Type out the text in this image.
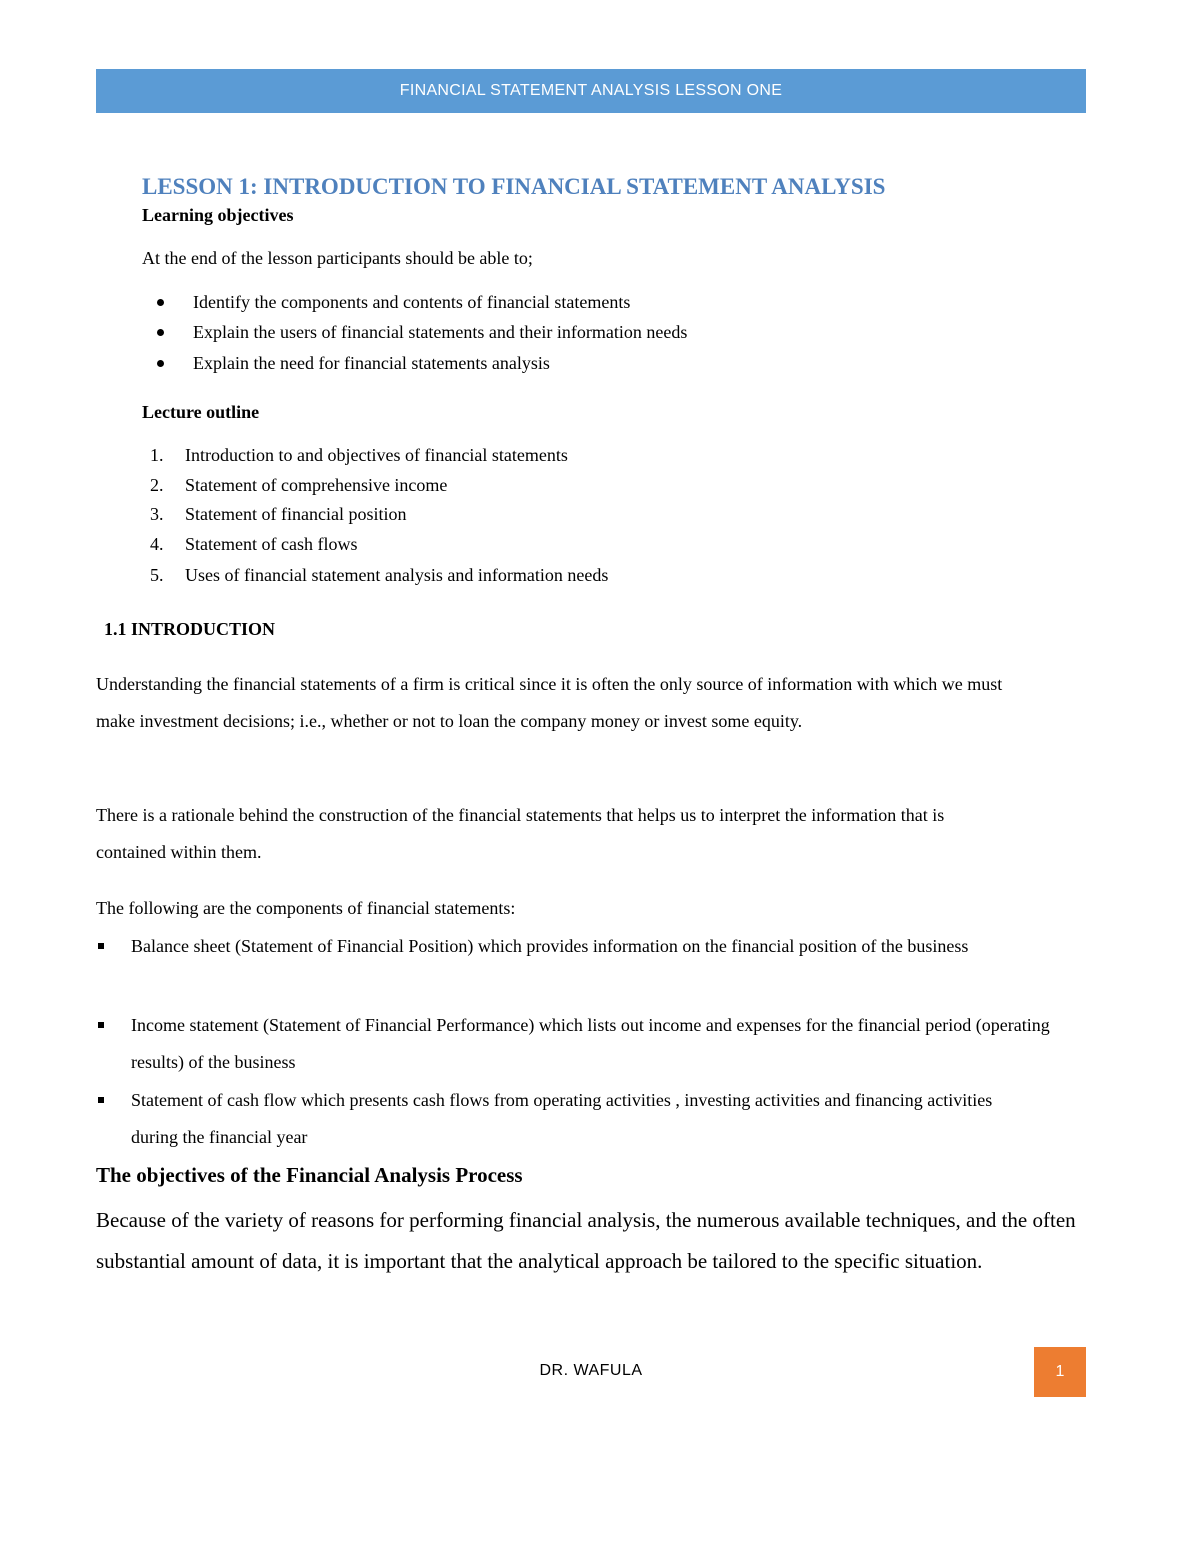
FINANCIAL STATEMENT ANALYSIS LESSON ONE
LESSON 1: INTRODUCTION TO FINANCIAL STATEMENT ANALYSIS
Learning objectives
At the end of the lesson participants should be able to;
Identify the components and contents of financial statements
Explain the users of financial statements and their information needs
Explain the need for financial statements analysis
Lecture outline
1. Introduction to and objectives of financial statements
2. Statement of comprehensive income
3. Statement of financial position
4. Statement of cash flows
5. Uses of financial statement analysis and information needs
1.1 INTRODUCTION
Understanding the financial statements of a firm is critical since it is often the only source of information with which we must make investment decisions; i.e., whether or not to loan the company money or invest some equity.
There is a rationale behind the construction of the financial statements that helps us to interpret the information that is contained within them.
The following are the components of financial statements:
Balance sheet (Statement of Financial Position) which provides information on the financial position of the business
Income statement (Statement of Financial Performance) which lists out income and expenses for the financial period (operating results) of the business
Statement of cash flow which presents cash flows from operating activities , investing activities and financing activities during the financial year
The objectives of the Financial Analysis Process
Because of the variety of reasons for performing financial analysis, the numerous available techniques, and the often substantial amount of data, it is important that the analytical approach be tailored to the specific situation.
DR. WAFULA	1
